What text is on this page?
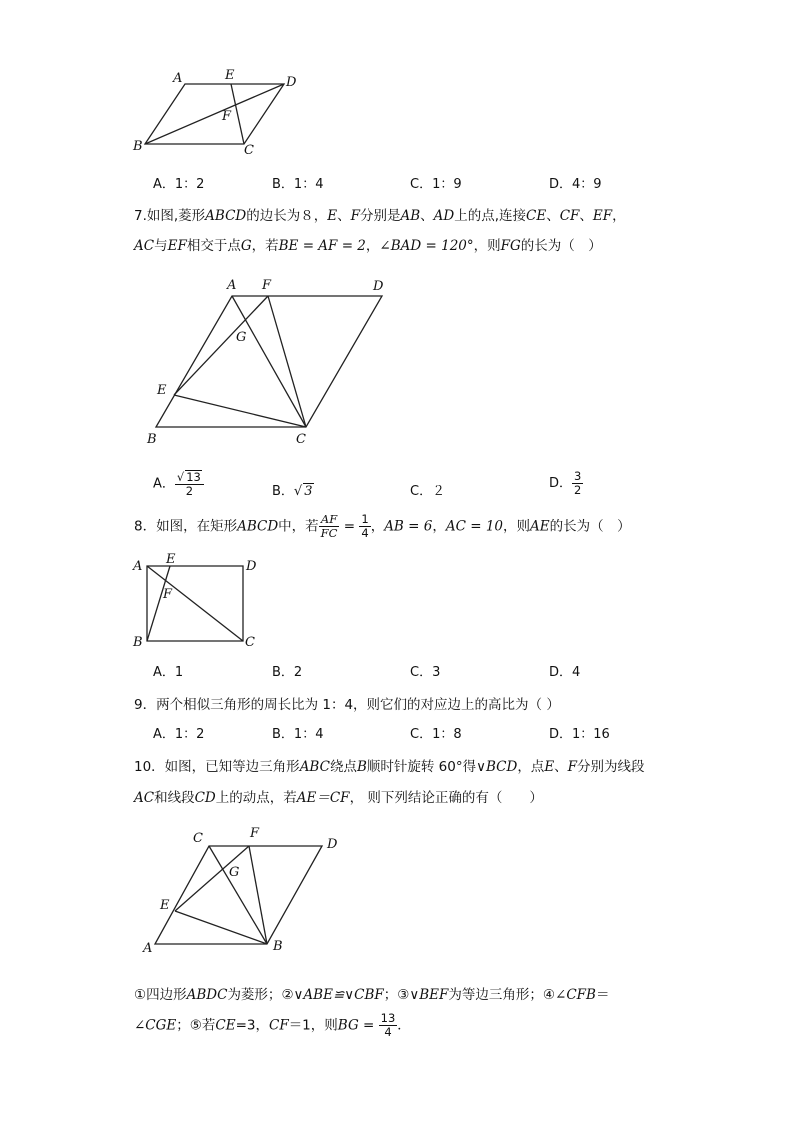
A	E	D
F
B	C
A．1：2	B．1：4	C．1：9	D．4：9
7.如图,菱形ABCD的边长为８，E、F分别是AB、AD上的点,连接CE、CF、EF，
AC与EF相交于点G，若BE = AF = 2，∠BAD = 120°，则FG的长为（　）
A F	D
G
E
B	C
A． $\frac{√ 13}{2}$	B．√ 3	C．２
D． $\frac{3}{2}$
8．如图，在矩形ABCD中，若 $\frac{AF}{FC} = \frac{1}{4}$ ，AB = 6，AC = 10，则AE的长为（　）
A E	D
F
B	C
A．1	B．2	C．3	D．4
9．两个相似三角形的周长比为 1：4，则它们的对应边上的高比为（ ）
A．1：2	B．1：4	C．1：8	D．1：16
10．如图，已知等边三角形ABC绕点B顺时针旋转 60°得∨BCD，点E、F分别为线段
AC和线段CD上的动点，若AE＝CF， 则下列结论正确的有（　　）
C	F
D
G
E
A	B
①四边形ABDC为菱形；②∨ABE≌∨CBF；③∨BEF为等边三角形；④∠CFB＝
∠CGE；⑤若CE=3，CF＝1，则BG = $\frac{13}{4}$ ．
